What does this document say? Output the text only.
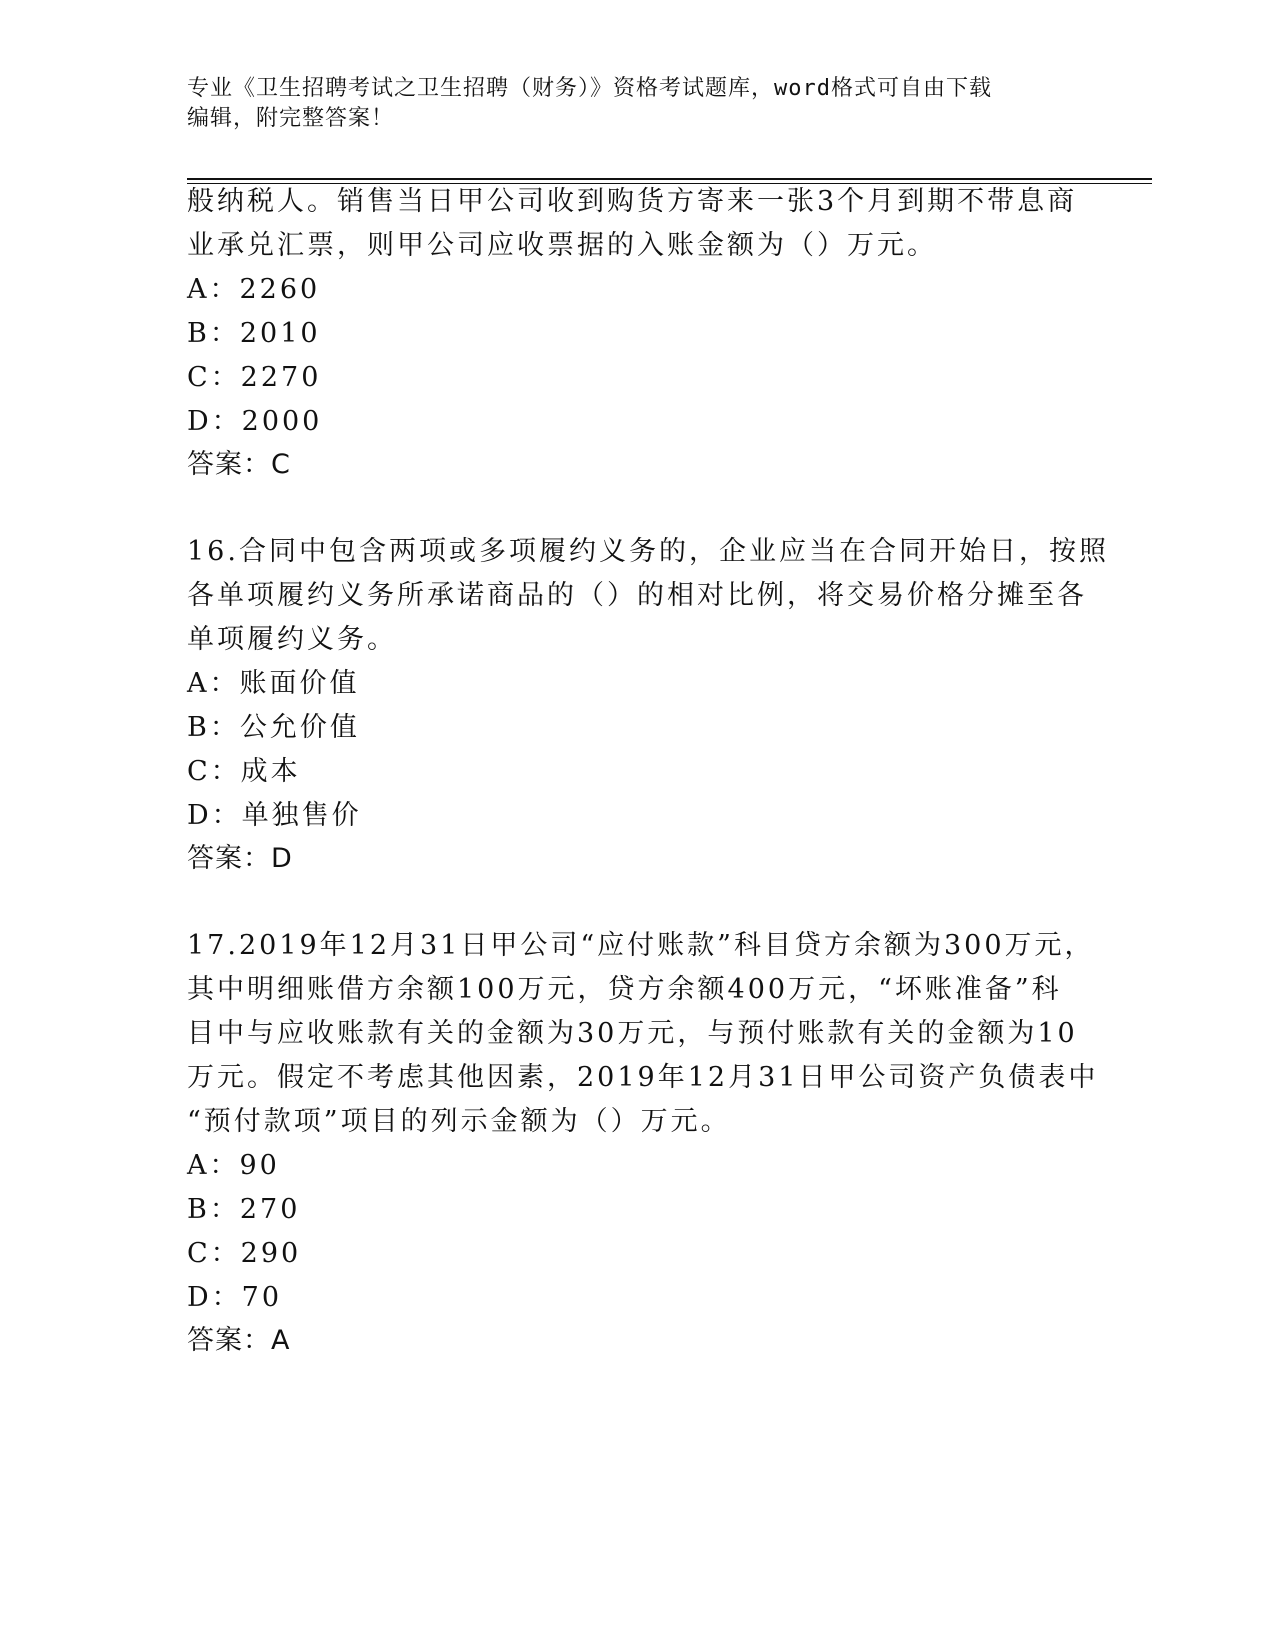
专业《卫生招聘考试之卫生招聘（财务）》资格考试题库，word格式可自由下载
编辑，附完整答案！
般纳税人。销售当日甲公司收到购货方寄来一张3个月到期不带息商
业承兑汇票，则甲公司应收票据的入账金额为（）万元。
A：2260
B：2010
C：2270
D：2000
答案：C
16.合同中包含两项或多项履约义务的，企业应当在合同开始日，按照
各单项履约义务所承诺商品的（）的相对比例，将交易价格分摊至各
单项履约义务。
A：账面价值
B：公允价值
C：成本
D：单独售价
答案：D
17.2019年12月31日甲公司“应付账款”科目贷方余额为300万元，
其中明细账借方余额100万元，贷方余额400万元，“坏账准备”科
目中与应收账款有关的金额为30万元，与预付账款有关的金额为10
万元。假定不考虑其他因素，2019年12月31日甲公司资产负债表中
“预付款项”项目的列示金额为（）万元。
A：90
B：270
C：290
D：70
答案：A
